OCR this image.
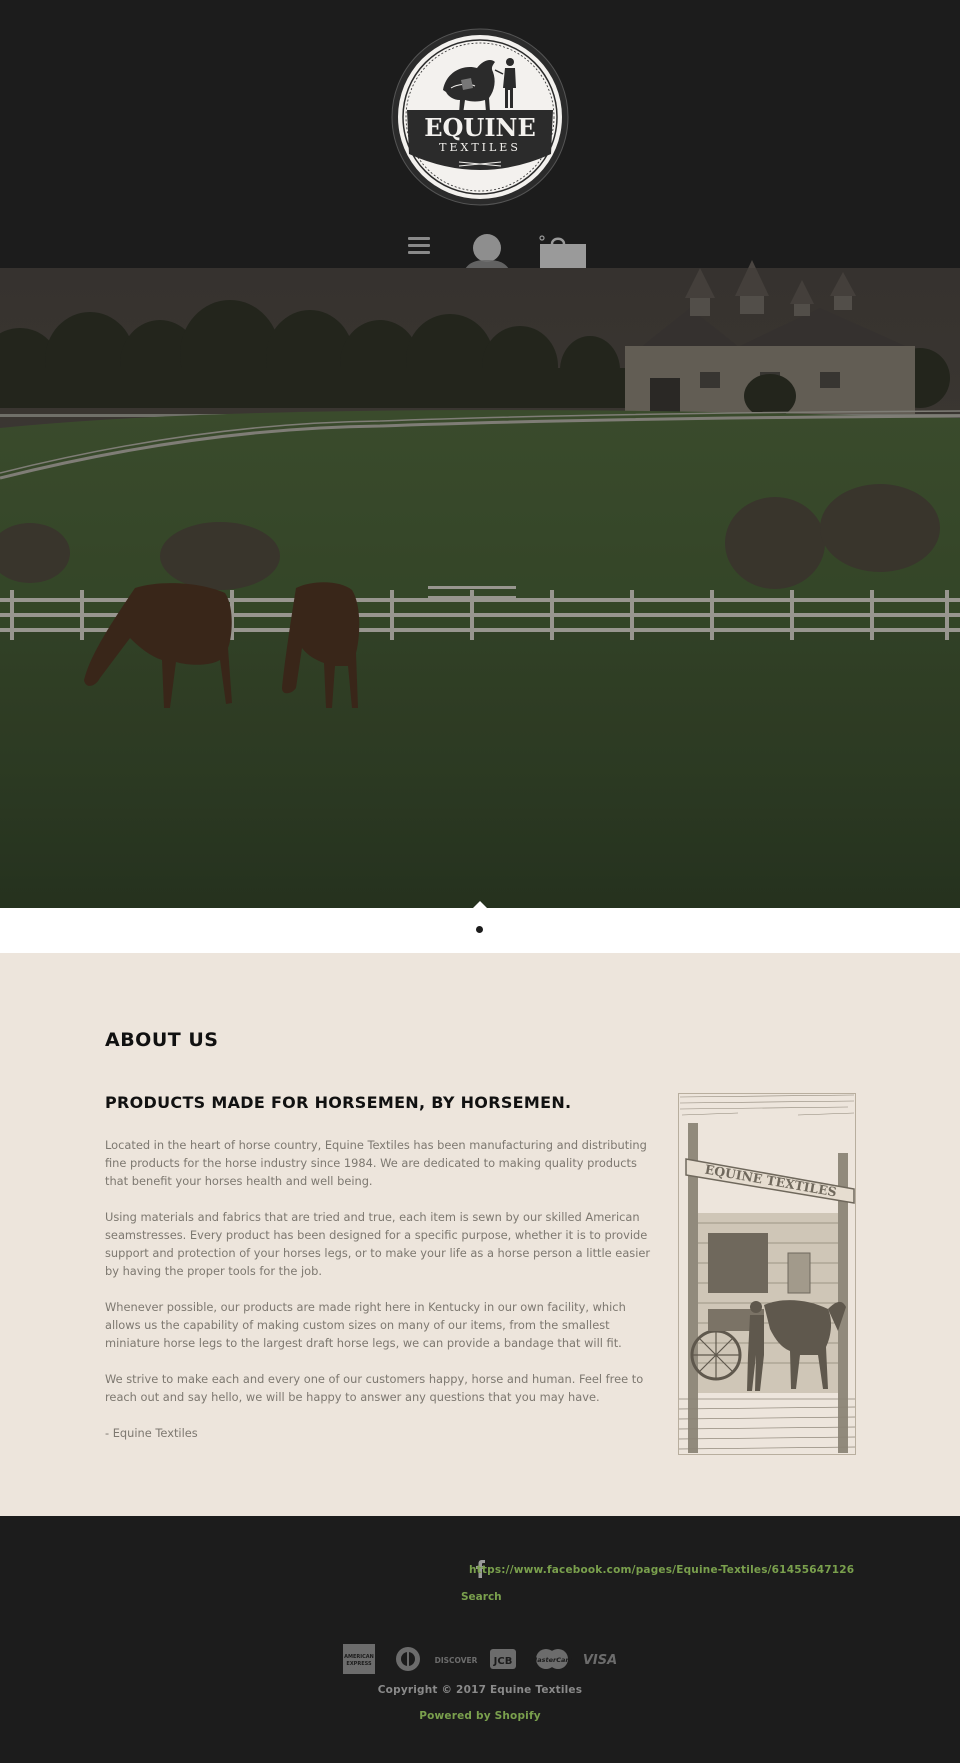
EQUINE
TEXTILES
ABOUT US
PRODUCTS MADE FOR HORSEMEN, BY HORSEMEN.

Located in the heart of horse country, Equine Textiles has been manufacturing and distributing fine products for the horse industry since 1984. We are dedicated to making quality products that benefit your horses health and well being.

Using materials and fabrics that are tried and true, each item is sewn by our skilled American seamstresses. Every product has been designed for a specific purpose, whether it is to provide support and protection of your horses legs, or to make your life as a horse person a little easier by having the proper tools for the job.

Whenever possible, our products are made right here in Kentucky in our own facility, which allows us the capability of making custom sizes on many of our items, from the smallest miniature horse legs to the largest draft horse legs, we can provide a bandage that will fit.

We strive to make each and every one of our customers happy, horse and human. Feel free to reach out and say hello, we will be happy to answer any questions that you may have.

- Equine Textiles

EQUINE TEXTILES
https://www.facebook.com/pages/Equine-Textiles/61455647126
Search
AMERICAN
EXPRESS	DISCOVER JCB	MasterCard VISA
Copyright © 2017 Equine Textiles
Powered by Shopify
